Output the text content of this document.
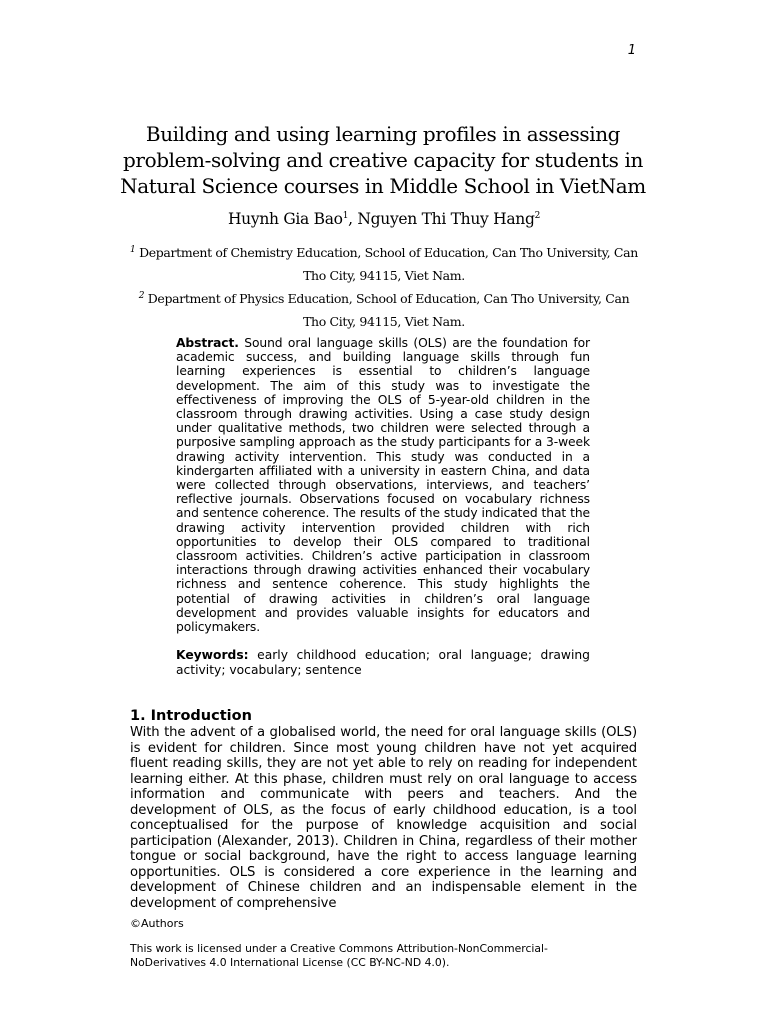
1
Building and using learning profiles in assessing problem-solving and creative capacity for students in Natural Science courses in Middle School in VietNam
Huynh Gia Bao$^1$, Nguyen Thi Thuy Hang$^2$
$^1$ Department of Chemistry Education, School of Education, Can Tho University, Can Tho City, 94115, Viet Nam.
$^2$ Department of Physics Education, School of Education, Can Tho University, Can Tho City, 94115, Viet Nam.
Abstract. Sound oral language skills (OLS) are the foundation for academic success, and building language skills through fun learning experiences is essential to children’s language development. The aim of this study was to investigate the effectiveness of improving the OLS of 5-year-old children in the classroom through drawing activities. Using a case study design under qualitative methods, two children were selected through a purposive sampling approach as the study participants for a 3-week drawing activity intervention. This study was conducted in a kindergarten affiliated with a university in eastern China, and data were collected through observations, interviews, and teachers’ reflective journals. Observations focused on vocabulary richness and sentence coherence. The results of the study indicated that the drawing activity intervention provided children with rich opportunities to develop their OLS compared to traditional classroom activities. Children’s active participation in classroom interactions through drawing activities enhanced their vocabulary richness and sentence coherence. This study highlights the potential of drawing activities in children’s oral language development and provides valuable insights for educators and policymakers.
Keywords: early childhood education; oral language; drawing activity; vocabulary; sentence
1. Introduction
With the advent of a globalised world, the need for oral language skills (OLS) is evident for children. Since most young children have not yet acquired fluent reading skills, they are not yet able to rely on reading for independent learning either. At this phase, children must rely on oral language to access information and communicate with peers and teachers. And the development of OLS, as the focus of early childhood education, is a tool conceptualised for the purpose of knowledge acquisition and social participation (Alexander, 2013). Children in China, regardless of their mother tongue or social background, have the right to access language learning opportunities. OLS is considered a core experience in the learning and development of Chinese children and an indispensable element in the development of comprehensive
©Authors
This work is licensed under a Creative Commons Attribution-NonCommercial-NoDerivatives 4.0 International License (CC BY-NC-ND 4.0).
